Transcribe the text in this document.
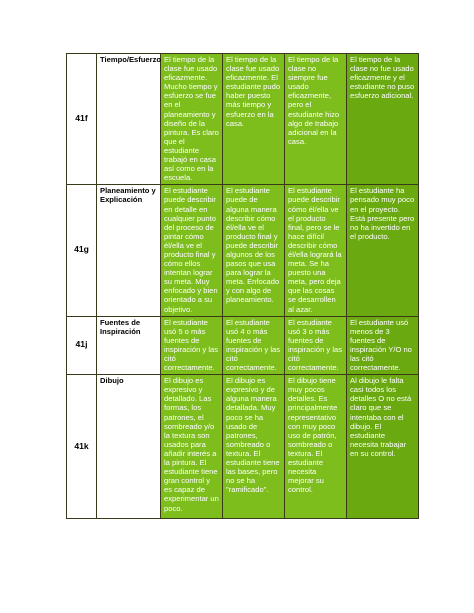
41f	Tiempo/Esfuerzo	El tiempo de la clase fue usado eficazmente. Mucho tiempo y esfuerzo se fue en el planeamiento y diseño de la pintura. Es claro que el estudiante trabajó en casa así como en la escuela.	El tiempo de la clase fue usado eficazmente. El estudiante pudo haber puesto más tiempo y esfuerzo en la casa.	El tiempo de la clase no siempre fue usado eficazmente, pero el estudiante hizo algo de trabajo adicional en la casa.	El tiempo de la clase no fue usado eficazmente y el estudiante no puso esfuerzo adicional.
41g	Planeamiento y Explicación	El estudiante puede describir en detalle en cualquier punto del proceso de pintar cómo él/ella ve el producto final y cómo ellos intentan lograr su meta. Muy enfocado y bien orientado a su objetivo.	El estudiante puede de alguna manera describir cómo él/ella ve el producto final y puede describir algunos de los pasos que usa para lograr la meta. Enfocado y con algo de planeamiento.	El estudiante puede describir cómo él/ella ve el producto final, pero se le hace difícil describir cómo él/ella logrará la meta. Se ha puesto una meta, pero deja que las cosas se desarrollen al azar.	El estudiante ha pensado muy poco en el proyecto. Está presente pero no ha invertido en el producto.
41j	Fuentes de Inspiración	El estudiante usó 5 o más fuentes de inspiración y las citó correctamente.	El estudiante usó 4 o más fuentes de inspiración y las citó correctamente.	El estudiante usó 3 o más fuentes de inspiración y las citó correctamente.	El estudiante usó menos de 3 fuentes de inspiración Y/O no las citó correctamente.
41k	Dibujo	El dibujo es expresivo y detallado. Las formas, los patrones, el sombreado y/o la textura son usados para añadir interés a la pintura. El estudiante tiene gran control y es capaz de experimentar un poco.	El dibujo es expresivo y de alguna manera detallada. Muy poco se ha usado de patrones, sombreado o textura. El estudiante tiene las bases, pero no se ha "ramificado".	El dibujo tiene muy pocos detalles. Es principalmente representativo con muy poco uso de patrón, sombreado o textura. El estudiante necesita mejorar su control.	Al dibujo le falta casi todos los detalles O no está claro que se intentaba con el dibujo. El estudiante necesita trabajar en su control.
